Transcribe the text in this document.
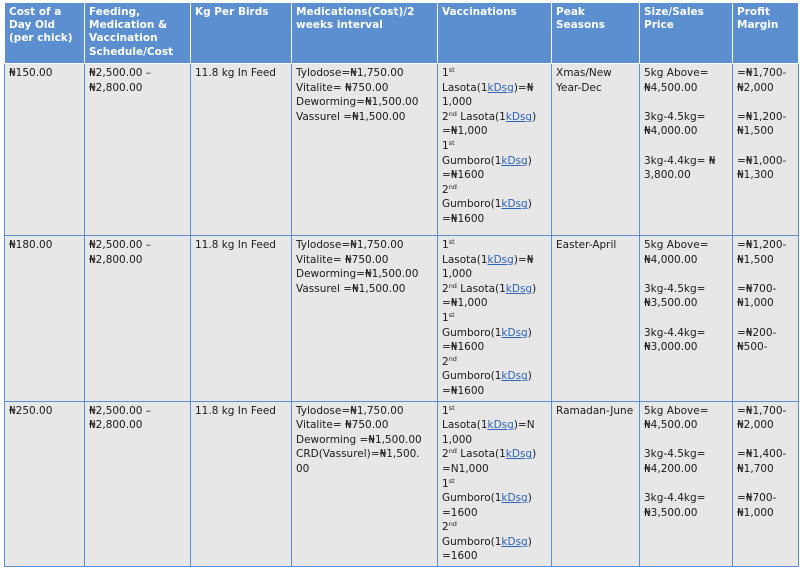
Cost of a Day Old (per chick)	Feeding, Medication & Vaccination Schedule/Cost	Kg Per Birds	Medications(Cost)/2 weeks interval	Vaccinations	Peak Seasons	Size/Sales Price	Profit Margin
₦150.00	₦2,500.00 – ₦2,800.00	11.8 kg In Feed	Tylodose=₦1,750.00
Vitalite= ₦750.00
Deworming=₦1,500.00
Vassurel =₦1,500.00	1st Lasota(1kDsg)=₦ 1,000
2nd Lasota(1kDsg) =₦1,000
1st Gumboro(1kDsg) =₦1600
2nd Gumboro(1kDsg) =₦1600	Xmas/New Year-Dec	5kg Above= ₦4,500.00
3kg-4.5kg= ₦4,000.00
3kg-4.4kg= ₦ 3,800.00	=₦1,700- ₦2,000
=₦1,200- ₦1,500
=₦1,000- ₦1,300

₦180.00	₦2,500.00 – ₦2,800.00	11.8 kg In Feed	Tylodose=₦1,750.00
Vitalite= ₦750.00
Deworming=₦1,500.00
Vassurel =₦1,500.00	1st Lasota(1kDsg)=₦ 1,000
2nd Lasota(1kDsg) =₦1,000
1st Gumboro(1kDsg) =₦1600
2nd Gumboro(1kDsg) =₦1600	Easter-April	5kg Above= ₦4,000.00
3kg-4.5kg= ₦3,500.00
3kg-4.4kg= ₦3,000.00	=₦1,200- ₦1,500
=₦700- ₦1,000
=₦200- ₦500-

₦250.00	₦2,500.00 – ₦2,800.00	11.8 kg In Feed	Tylodose=₦1,750.00
Vitalite= ₦750.00
Deworming =₦1,500.00
CRD(Vassurel)=₦1,500. 00	1st Lasota(1kDsg)=N 1,000
2nd Lasota(1kDsg) =N1,000
1st Gumboro(1kDsg) =1600
2nd Gumboro(1kDsg) =1600	Ramadan-June	5kg Above= ₦4,500.00
3kg-4.5kg= ₦4,200.00
3kg-4.4kg= ₦3,500.00	=₦1,700- ₦2,000
=₦1,400- ₦1,700
=₦700- ₦1,000
